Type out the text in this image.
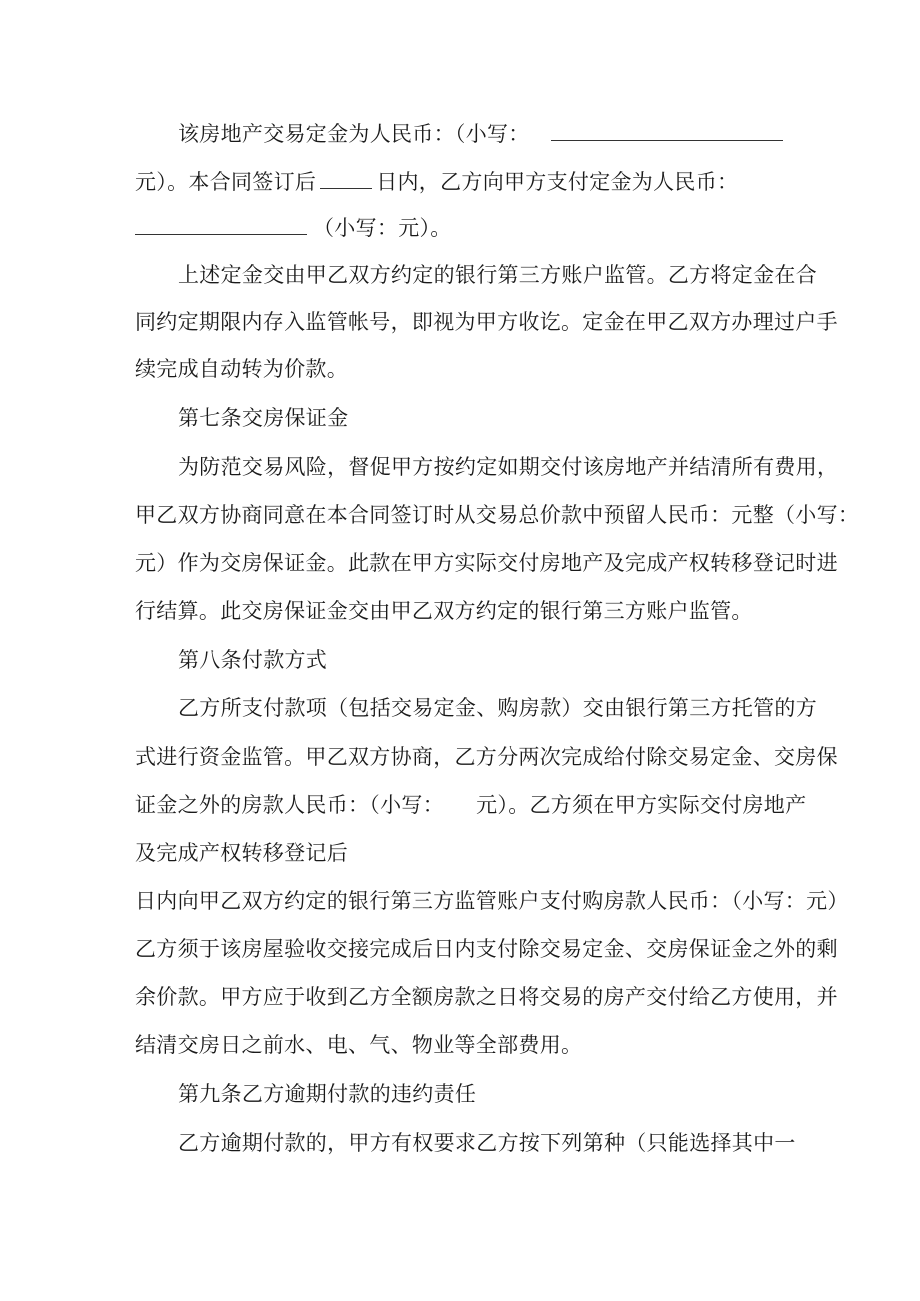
该房地产交易定金为人民币：（小写：
元）。本合同签订后	日内，乙方向甲方支付定金为人民币：
（小写：元）。
上述定金交由甲乙双方约定的银行第三方账户监管。乙方将定金在合
同约定期限内存入监管帐号，即视为甲方收讫。定金在甲乙双方办理过户手
续完成自动转为价款。
第七条交房保证金
为防范交易风险，督促甲方按约定如期交付该房地产并结清所有费用，
甲乙双方协商同意在本合同签订时从交易总价款中预留人民币：元整（小写：
元）作为交房保证金。此款在甲方实际交付房地产及完成产权转移登记时进
行结算。此交房保证金交由甲乙双方约定的银行第三方账户监管。
第八条付款方式
乙方所支付款项（包括交易定金、购房款）交由银行第三方托管的方
式进行资金监管。甲乙双方协商，乙方分两次完成给付除交易定金、交房保
证金之外的房款人民币：（小写：　　元）。乙方须在甲方实际交付房地产
及完成产权转移登记后
日内向甲乙双方约定的银行第三方监管账户支付购房款人民币：（小写：元）
乙方须于该房屋验收交接完成后日内支付除交易定金、交房保证金之外的剩
余价款。甲方应于收到乙方全额房款之日将交易的房产交付给乙方使用，并
结清交房日之前水、电、气、物业等全部费用。
第九条乙方逾期付款的违约责任
乙方逾期付款的，甲方有权要求乙方按下列第种（只能选择其中一
